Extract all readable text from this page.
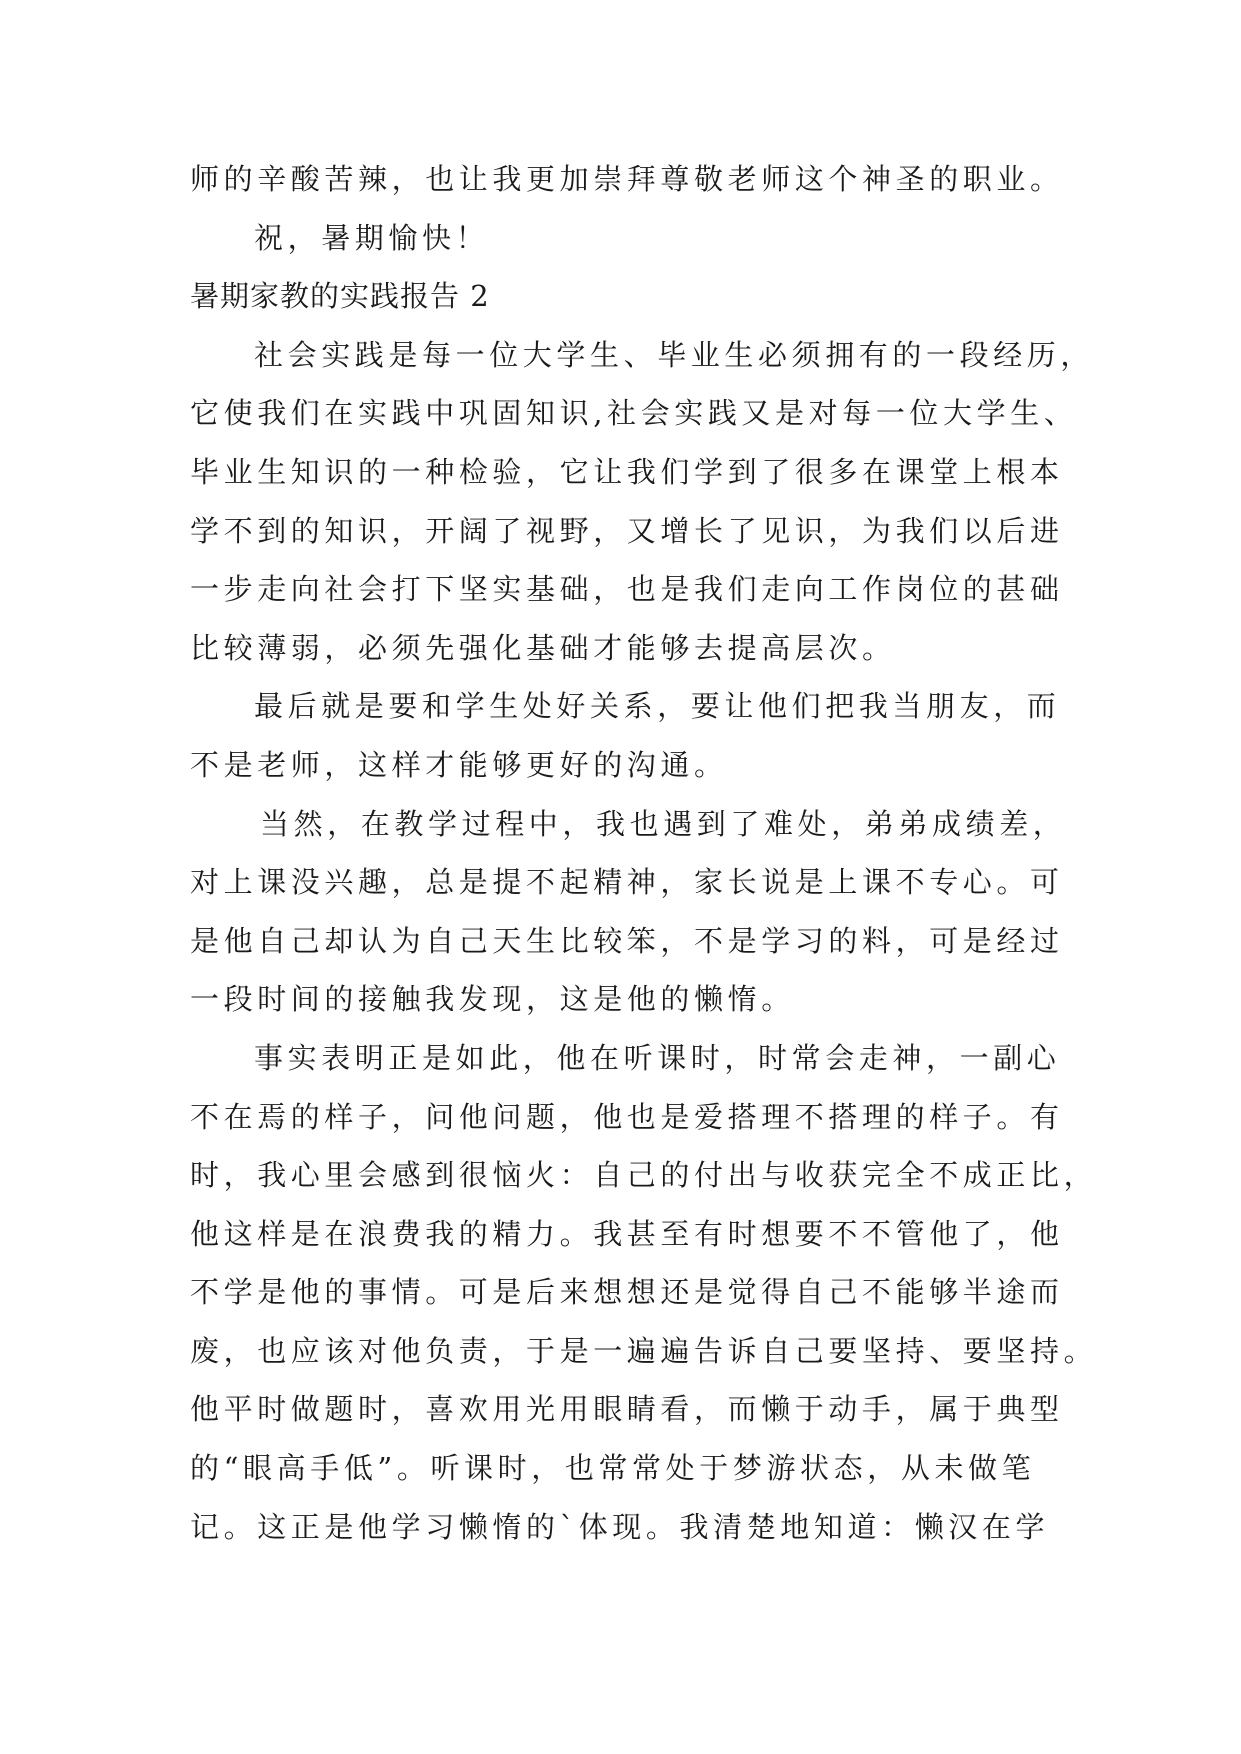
师的辛酸苦辣，也让我更加崇拜尊敬老师这个神圣的职业。
祝，暑期愉快！
暑期家教的实践报告 2
社会实践是每一位大学生、毕业生必须拥有的一段经历，
它使我们在实践中巩固知识,社会实践又是对每一位大学生、
毕业生知识的一种检验，它让我们学到了很多在课堂上根本
学不到的知识，开阔了视野，又增长了见识，为我们以后进
一步走向社会打下坚实基础，也是我们走向工作岗位的甚础
比较薄弱，必须先强化基础才能够去提高层次。
最后就是要和学生处好关系，要让他们把我当朋友，而
不是老师，这样才能够更好的沟通。
当然，在教学过程中，我也遇到了难处，弟弟成绩差，
对上课没兴趣，总是提不起精神，家长说是上课不专心。可
是他自己却认为自己天生比较笨，不是学习的料，可是经过
一段时间的接触我发现，这是他的懒惰。
事实表明正是如此，他在听课时，时常会走神，一副心
不在焉的样子，问他问题，他也是爱搭理不搭理的样子。有
时，我心里会感到很恼火：自己的付出与收获完全不成正比，
他这样是在浪费我的精力。我甚至有时想要不不管他了，他
不学是他的事情。可是后来想想还是觉得自己不能够半途而
废，也应该对他负责，于是一遍遍告诉自己要坚持、要坚持。
他平时做题时，喜欢用光用眼睛看，而懒于动手，属于典型
的“眼高手低”。听课时，也常常处于梦游状态，从未做笔
记。这正是他学习懒惰的`体现。我清楚地知道：懒汉在学
